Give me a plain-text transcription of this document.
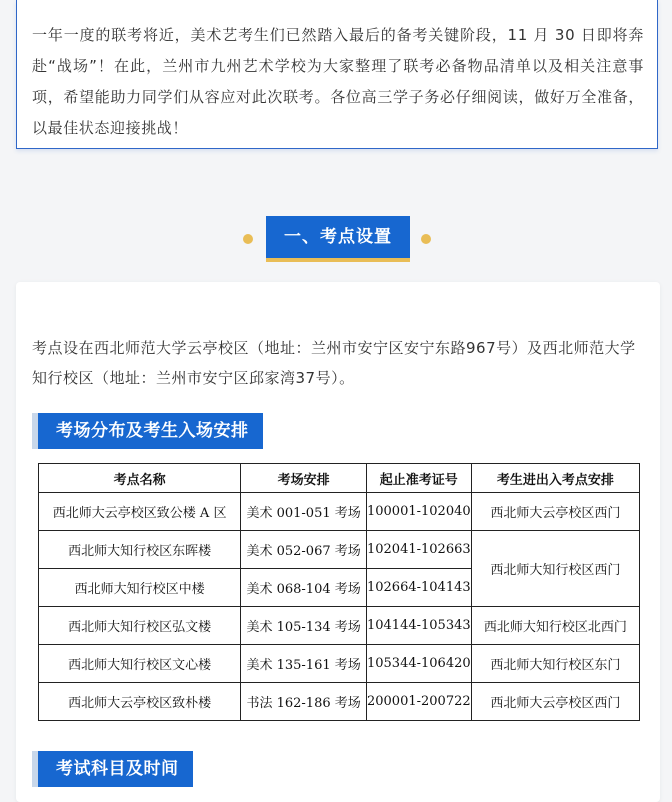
一年一度的联考将近，美术艺考生们已然踏入最后的备考关键阶段，11 月 30 日即将奔赴“战场”！在此，兰州市九州艺术学校为大家整理了联考必备物品清单以及相关注意事项，希望能助力同学们从容应对此次联考。各位高三学子务必仔细阅读，做好万全准备，以最佳状态迎接挑战！

一、考点设置

考点设在西北师范大学云亭校区（地址：兰州市安宁区安宁东路967号）及西北师范大学知行校区（地址：兰州市安宁区邱家湾37号）。

考场分布及考生入场安排
考点名称	考场安排	起止准考证号	考生进出入考点安排
西北师大云亭校区致公楼 A 区	美术 001-051 考场	100001-102040	西北师大云亭校区西门
西北师大知行校区东晖楼	美术 052-067 考场	102041-102663	西北师大知行校区西门
西北师大知行校区中楼	美术 068-104 考场	102664-104143	
西北师大知行校区弘文楼	美术 105-134 考场	104144-105343	西北师大知行校区北西门
西北师大知行校区文心楼	美术 135-161 考场	105344-106420	西北师大知行校区东门
西北师大云亭校区致朴楼	书法 162-186 考场	200001-200722	西北师大云亭校区西门
考试科目及时间
